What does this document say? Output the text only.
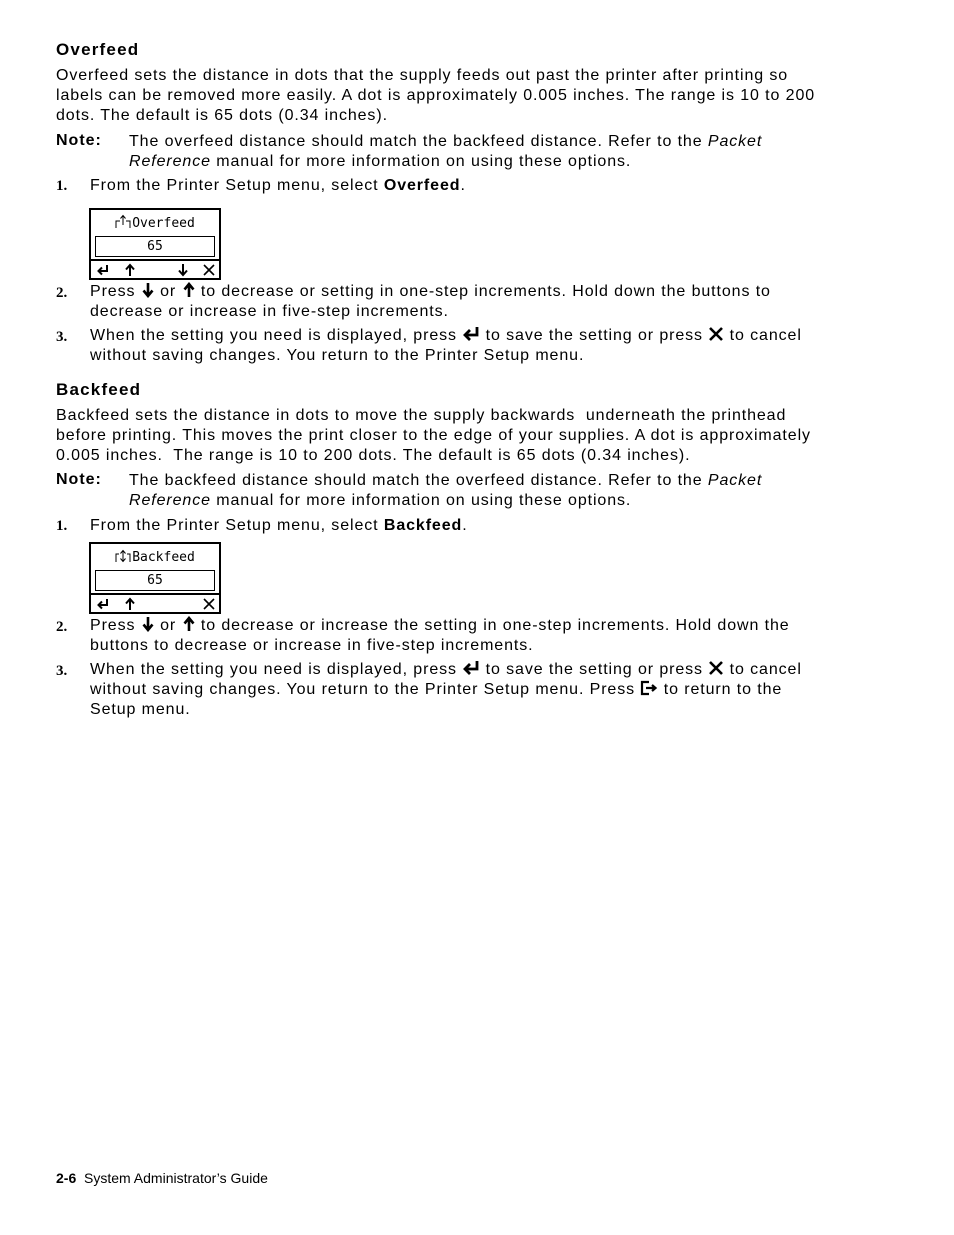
Overfeed
Overfeed sets the distance in dots that the supply feeds out past the printer after printing so
labels can be removed more easily. A dot is approximately 0.005 inches. The range is 10 to 200
dots. The default is 65 dots (0.34 inches).
Note: The overfeed distance should match the backfeed distance. Refer to the Packet
Reference manual for more information on using these options.
1. From the Printer Setup menu, select Overfeed.
Overfeed
65
2. Press or to decrease or setting in one-step increments. Hold down the buttons to
decrease or increase in five-step increments.
3. When the setting you need is displayed, press to save the setting or press to cancel
without saving changes. You return to the Printer Setup menu.
Backfeed
Backfeed sets the distance in dots to move the supply backwards  underneath the printhead
before printing. This moves the print closer to the edge of your supplies. A dot is approximately
0.005 inches.  The range is 10 to 200 dots. The default is 65 dots (0.34 inches).
Note: The backfeed distance should match the overfeed distance. Refer to the Packet
Reference manual for more information on using these options.
1. From the Printer Setup menu, select Backfeed.
Backfeed
65
2. Press or to decrease or increase the setting in one-step increments. Hold down the
buttons to decrease or increase in five-step increments.
3. When the setting you need is displayed, press to save the setting or press to cancel
without saving changes. You return to the Printer Setup menu. Press to return to the
Setup menu.
2-6 System Administrator’s Guide
